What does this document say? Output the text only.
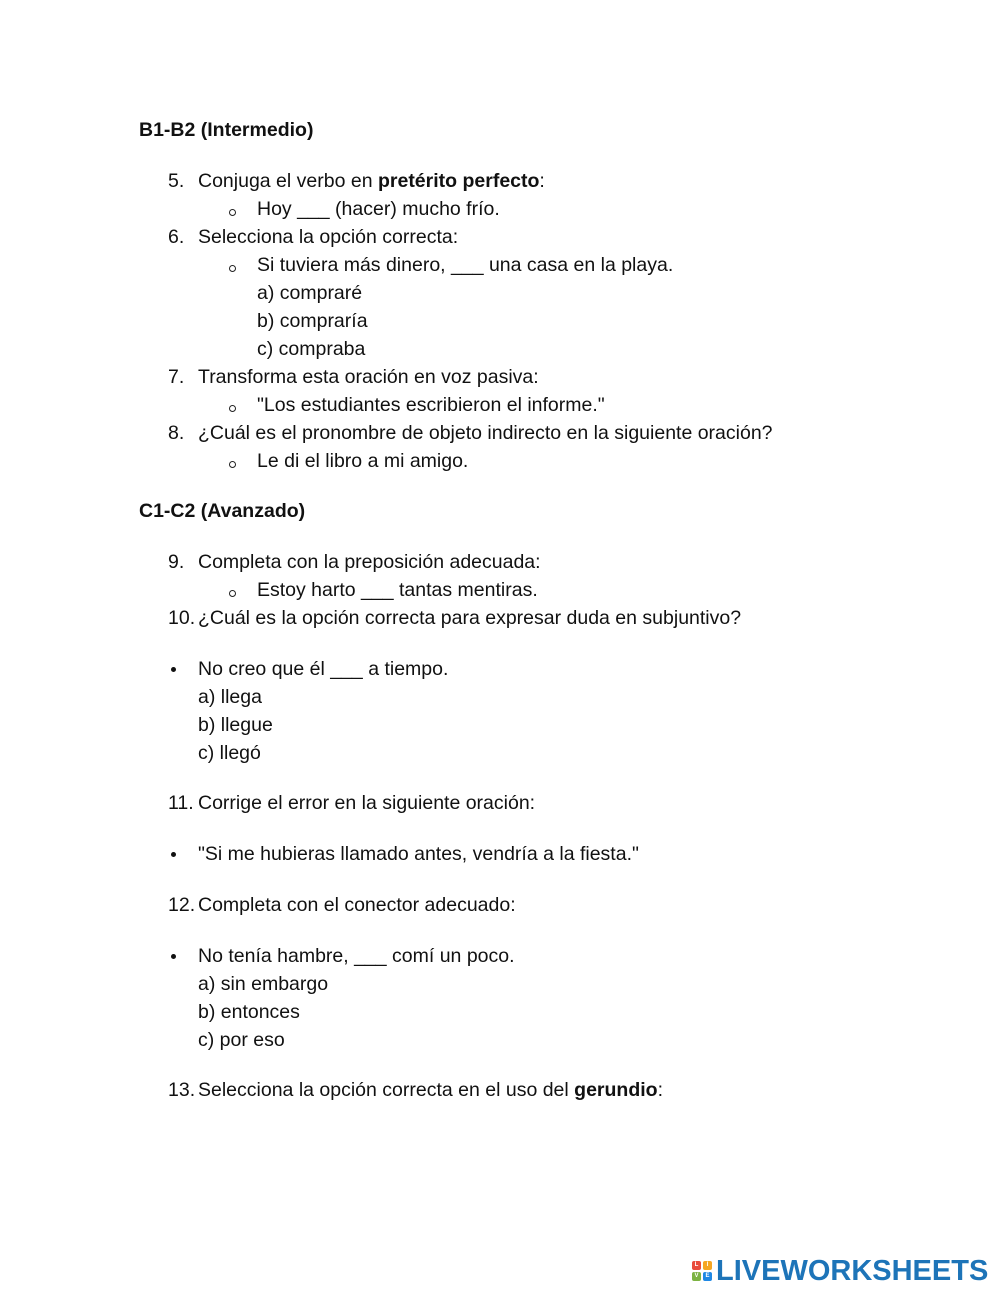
B1-B2 (Intermedio)
5. Conjuga el verbo en pretérito perfecto:
Hoy ___ (hacer) mucho frío.
6. Selecciona la opción correcta:
Si tuviera más dinero, ___ una casa en la playa.
a) compraré
b) compraría
c) compraba
7. Transforma esta oración en voz pasiva:
"Los estudiantes escribieron el informe."
8. ¿Cuál es el pronombre de objeto indirecto en la siguiente oración?
Le di el libro a mi amigo.
C1-C2 (Avanzado)
9. Completa con la preposición adecuada:
Estoy harto ___ tantas mentiras.
10. ¿Cuál es la opción correcta para expresar duda en subjuntivo?
No creo que él ___ a tiempo.
a) llega
b) llegue
c) llegó
11. Corrige el error en la siguiente oración:
"Si me hubieras llamado antes, vendría a la fiesta."
12. Completa con el conector adecuado:
No tenía hambre, ___ comí un poco.
a) sin embargo
b) entonces
c) por eso
13. Selecciona la opción correcta en el uso del gerundio:
L	I
V	E LIVEWORKSHEETS
